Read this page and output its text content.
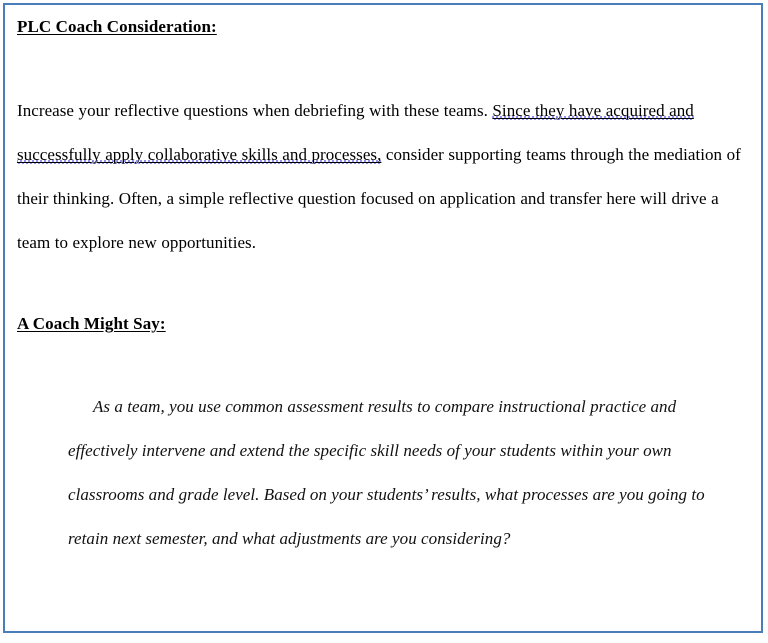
PLC Coach Consideration:

Increase your reflective questions when debriefing with these teams. Since they have acquired and successfully apply collaborative skills and processes, consider supporting teams through the mediation of their thinking. Often, a simple reflective question focused on application and transfer here will drive a team to explore new opportunities.

A Coach Might Say:

As a team, you use common assessment results to compare instructional practice and effectively intervene and extend the specific skill needs of your students within your own classrooms and grade level. Based on your students’ results, what processes are you going to retain next semester, and what adjustments are you considering?
